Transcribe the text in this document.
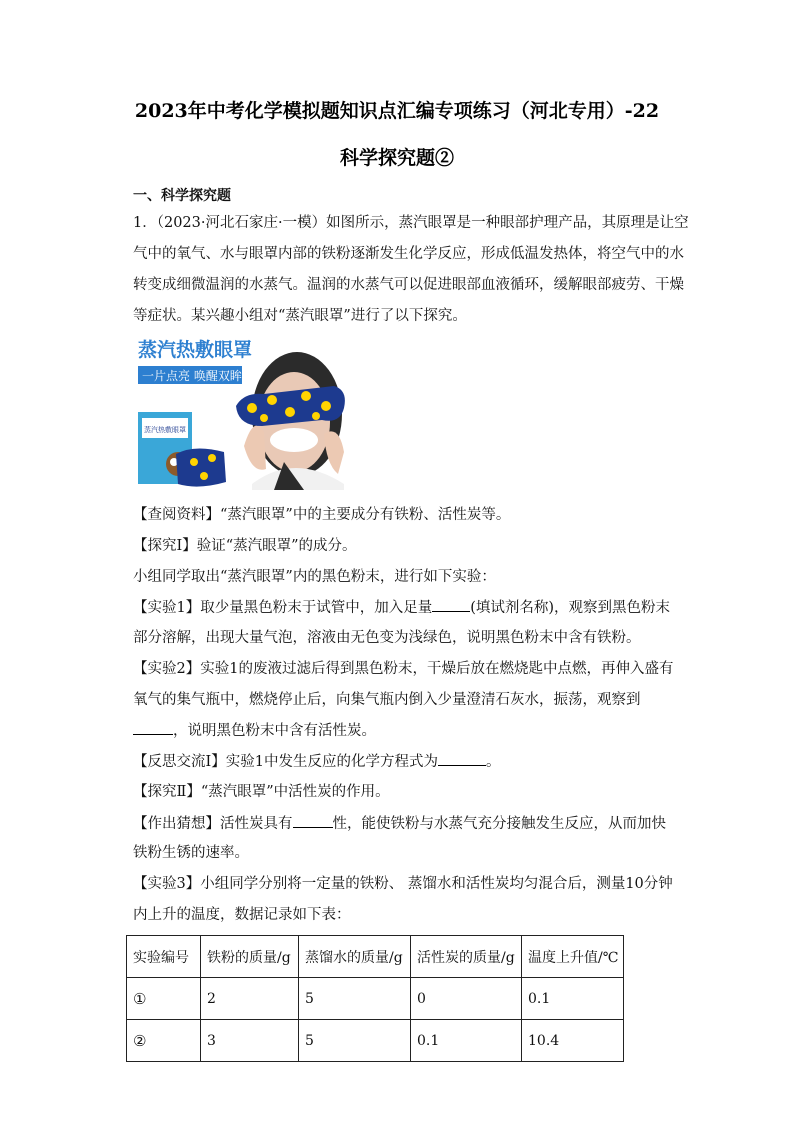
2023年中考化学模拟题知识点汇编专项练习（河北专用）-22
科学探究题②
一、科学探究题
1．（2023·河北石家庄·一模）如图所示，蒸汽眼罩是一种眼部护理产品，其原理是让空
气中的氧气、水与眼罩内部的铁粉逐渐发生化学反应，形成低温发热体，将空气中的水
转变成细微温润的水蒸气。温润的水蒸气可以促进眼部血液循环，缓解眼部疲劳、干燥
等症状。某兴趣小组对“蒸汽眼罩”进行了以下探究。
蒸汽热敷眼罩
一片点亮 唤醒双眸
蒸汽热敷眼罩
【查阅资料】“蒸汽眼罩”中的主要成分有铁粉、活性炭等。
【探究Ⅰ】验证“蒸汽眼罩”的成分。
小组同学取出“蒸汽眼罩”内的黑色粉末，进行如下实验：
【实验1】取少量黑色粉末于试管中，加入足量	(填试剂名称)，观察到黑色粉末
部分溶解，出现大量气泡，溶液由无色变为浅绿色，说明黑色粉末中含有铁粉。
【实验2】实验1的废液过滤后得到黑色粉末，干燥后放在燃烧匙中点燃，再伸入盛有
氧气的集气瓶中，燃烧停止后，向集气瓶内倒入少量澄清石灰水，振荡，观察到
，说明黑色粉末中含有活性炭。
【反思交流Ⅰ】实验1中发生反应的化学方程式为	。
【探究Ⅱ】“蒸汽眼罩”中活性炭的作用。
【作出猜想】活性炭具有	性，能使铁粉与水蒸气充分接触发生反应，从而加快
铁粉生锈的速率。
【实验3】小组同学分别将一定量的铁粉、 蒸馏水和活性炭均匀混合后，测量10分钟
内上升的温度，数据记录如下表：
实验编号	铁粉的质量/g	蒸馏水的质量/g	活性炭的质量/g	温度上升值/℃
①	2	5	0	0.1
②	3	5	0.1	10.4
